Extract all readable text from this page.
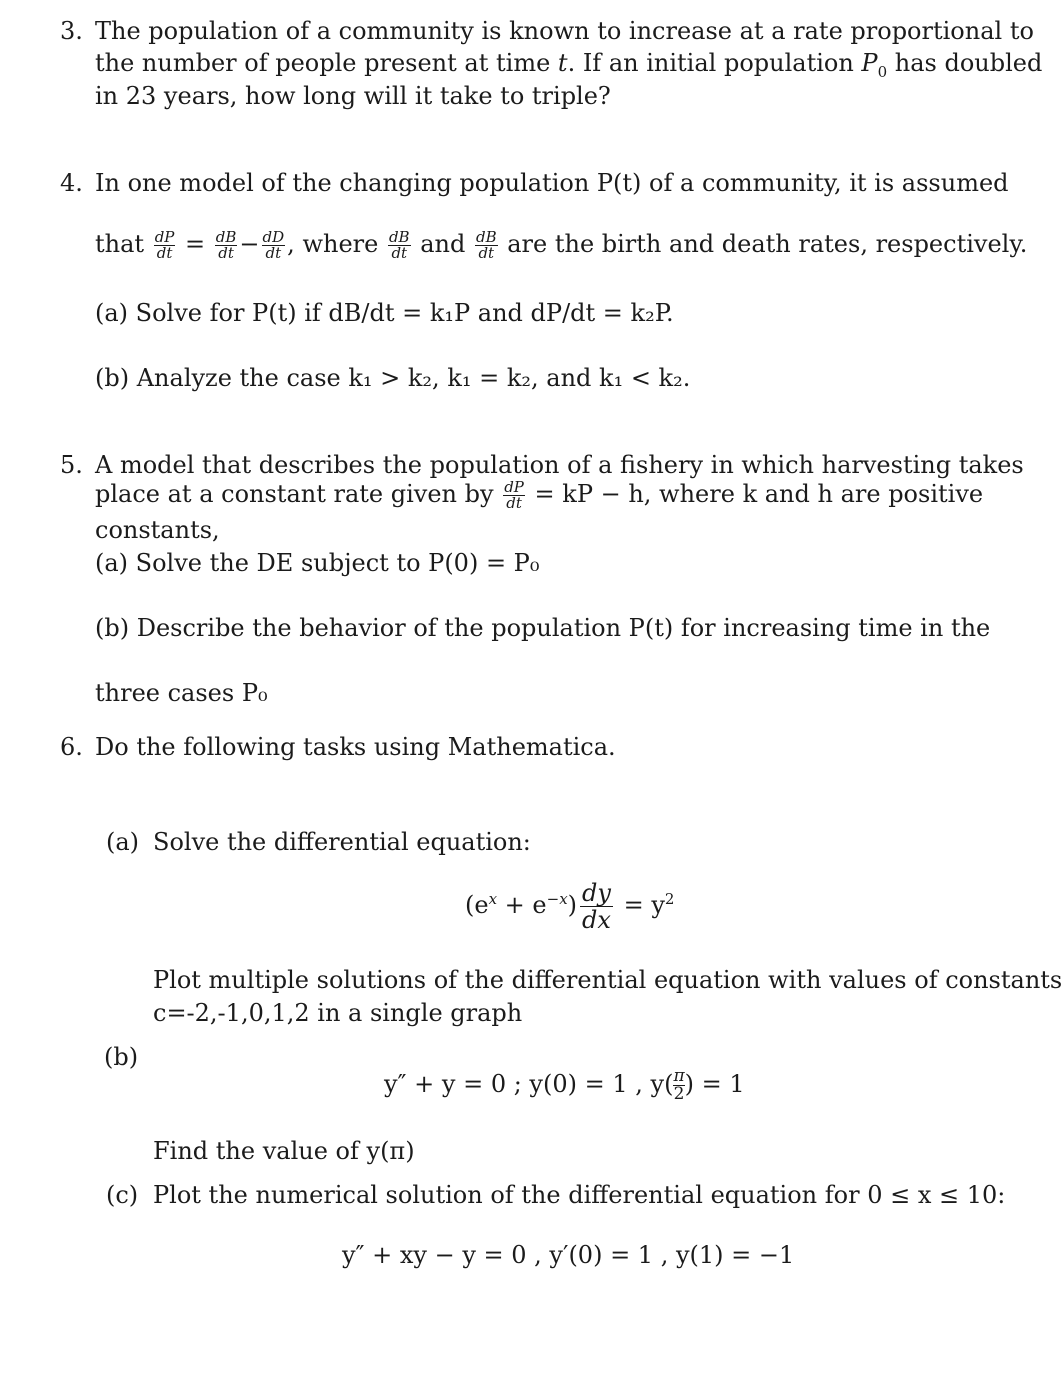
3. The population of a community is known to increase at a rate proportional to
the number of people present at time t. If an initial population $P_0$ has doubled
in 23 years, how long will it take to triple?
4. In one model of the changing population P(t) of a community, it is assumed
that $\frac{dP}{dt} = \frac{dB}{dt} - \frac{dD}{dt}$ , where $\frac{dB}{dt}$ and $\frac{dB}{dt}$ are the birth and death rates, respectively.
(a) Solve for P(t) if dB/dt = k₁P and dP/dt = k₂P.
(b) Analyze the case k₁ > k₂, k₁ = k₂, and k₁ < k₂.
5. A model that describes the population of a fishery in which harvesting takes
place at a constant rate given by $\frac{dP}{dt}$ = kP − h, where k and h are positive
constants,
(a) Solve the DE subject to P(0) = P₀
(b) Describe the behavior of the population P(t) for increasing time in the
three cases P₀
6. Do the following tasks using Mathematica.
(a) Solve the differential equation:
$(e^x + e^{-x}) \frac{dy}{dx} = y^2$
Plot multiple solutions of the differential equation with values of constants
c=-2,-1,0,1,2 in a single graph
(b)
y″ + y = 0 ; y(0) = 1 , $y( \frac{\pi}{2}$ ) = 1
Find the value of y(π)
(c) Plot the numerical solution of the differential equation for 0 ≤ x ≤ 10:
y″ + xy − y = 0 , y′(0) = 1 , y(1) = −1
